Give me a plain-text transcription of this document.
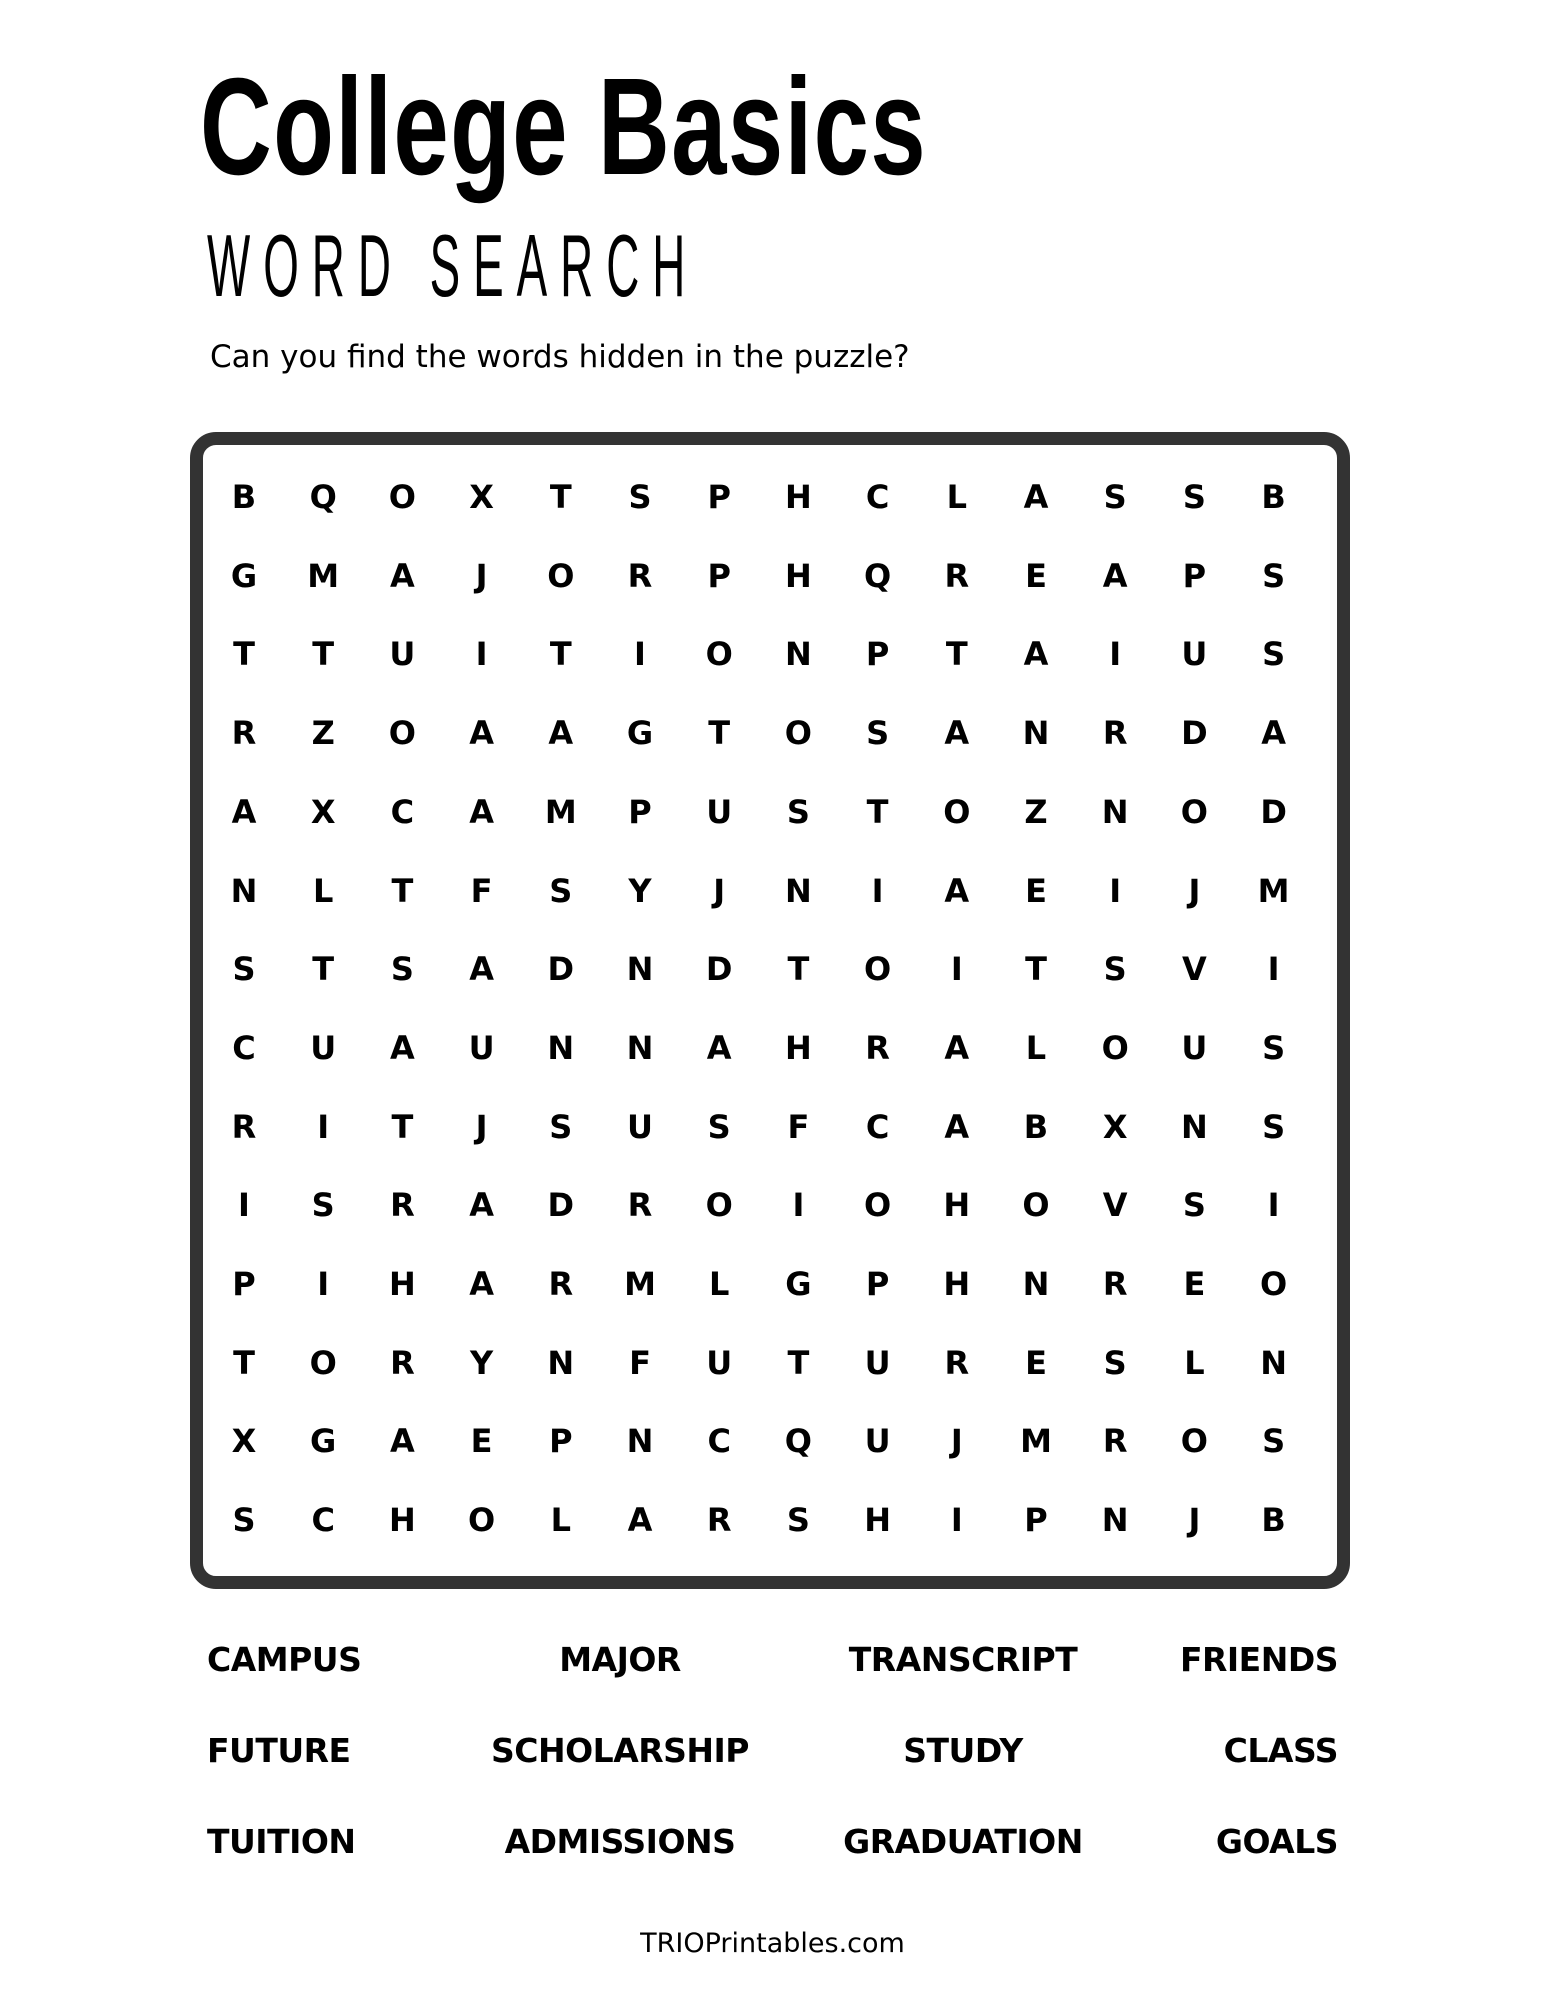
College Basics
WORD SEARCH

Can you find the words hidden in the puzzle?

B	Q	O	X	T	S	P	H	C	L	A	S	S	B
G	M	A	J	O	R	P	H	Q	R	E	A	P	S
T	T	U	I	T	I	O	N	P	T	A	I	U	S
R	Z	O	A	A	G	T	O	S	A	N	R	D	A
A	X	C	A	M	P	U	S	T	O	Z	N	O	D
N	L	T	F	S	Y	J	N	I	A	E	I	J	M
S	T	S	A	D	N	D	T	O	I	T	S	V	I
C	U	A	U	N	N	A	H	R	A	L	O	U	S
R	I	T	J	S	U	S	F	C	A	B	X	N	S
I	S	R	A	D	R	O	I	O	H	O	V	S	I
P	I	H	A	R	M	L	G	P	H	N	R	E	O
T	O	R	Y	N	F	U	T	U	R	E	S	L	N
X	G	A	E	P	N	C	Q	U	J	M	R	O	S
S	C	H	O	L	A	R	S	H	I	P	N	J	B
CAMPUS	MAJOR	TRANSCRIPT	FRIENDS
FUTURE	SCHOLARSHIP	STUDY	CLASS
TUITION	ADMISSIONS	GRADUATION	GOALS
TRIOPrintables.com
